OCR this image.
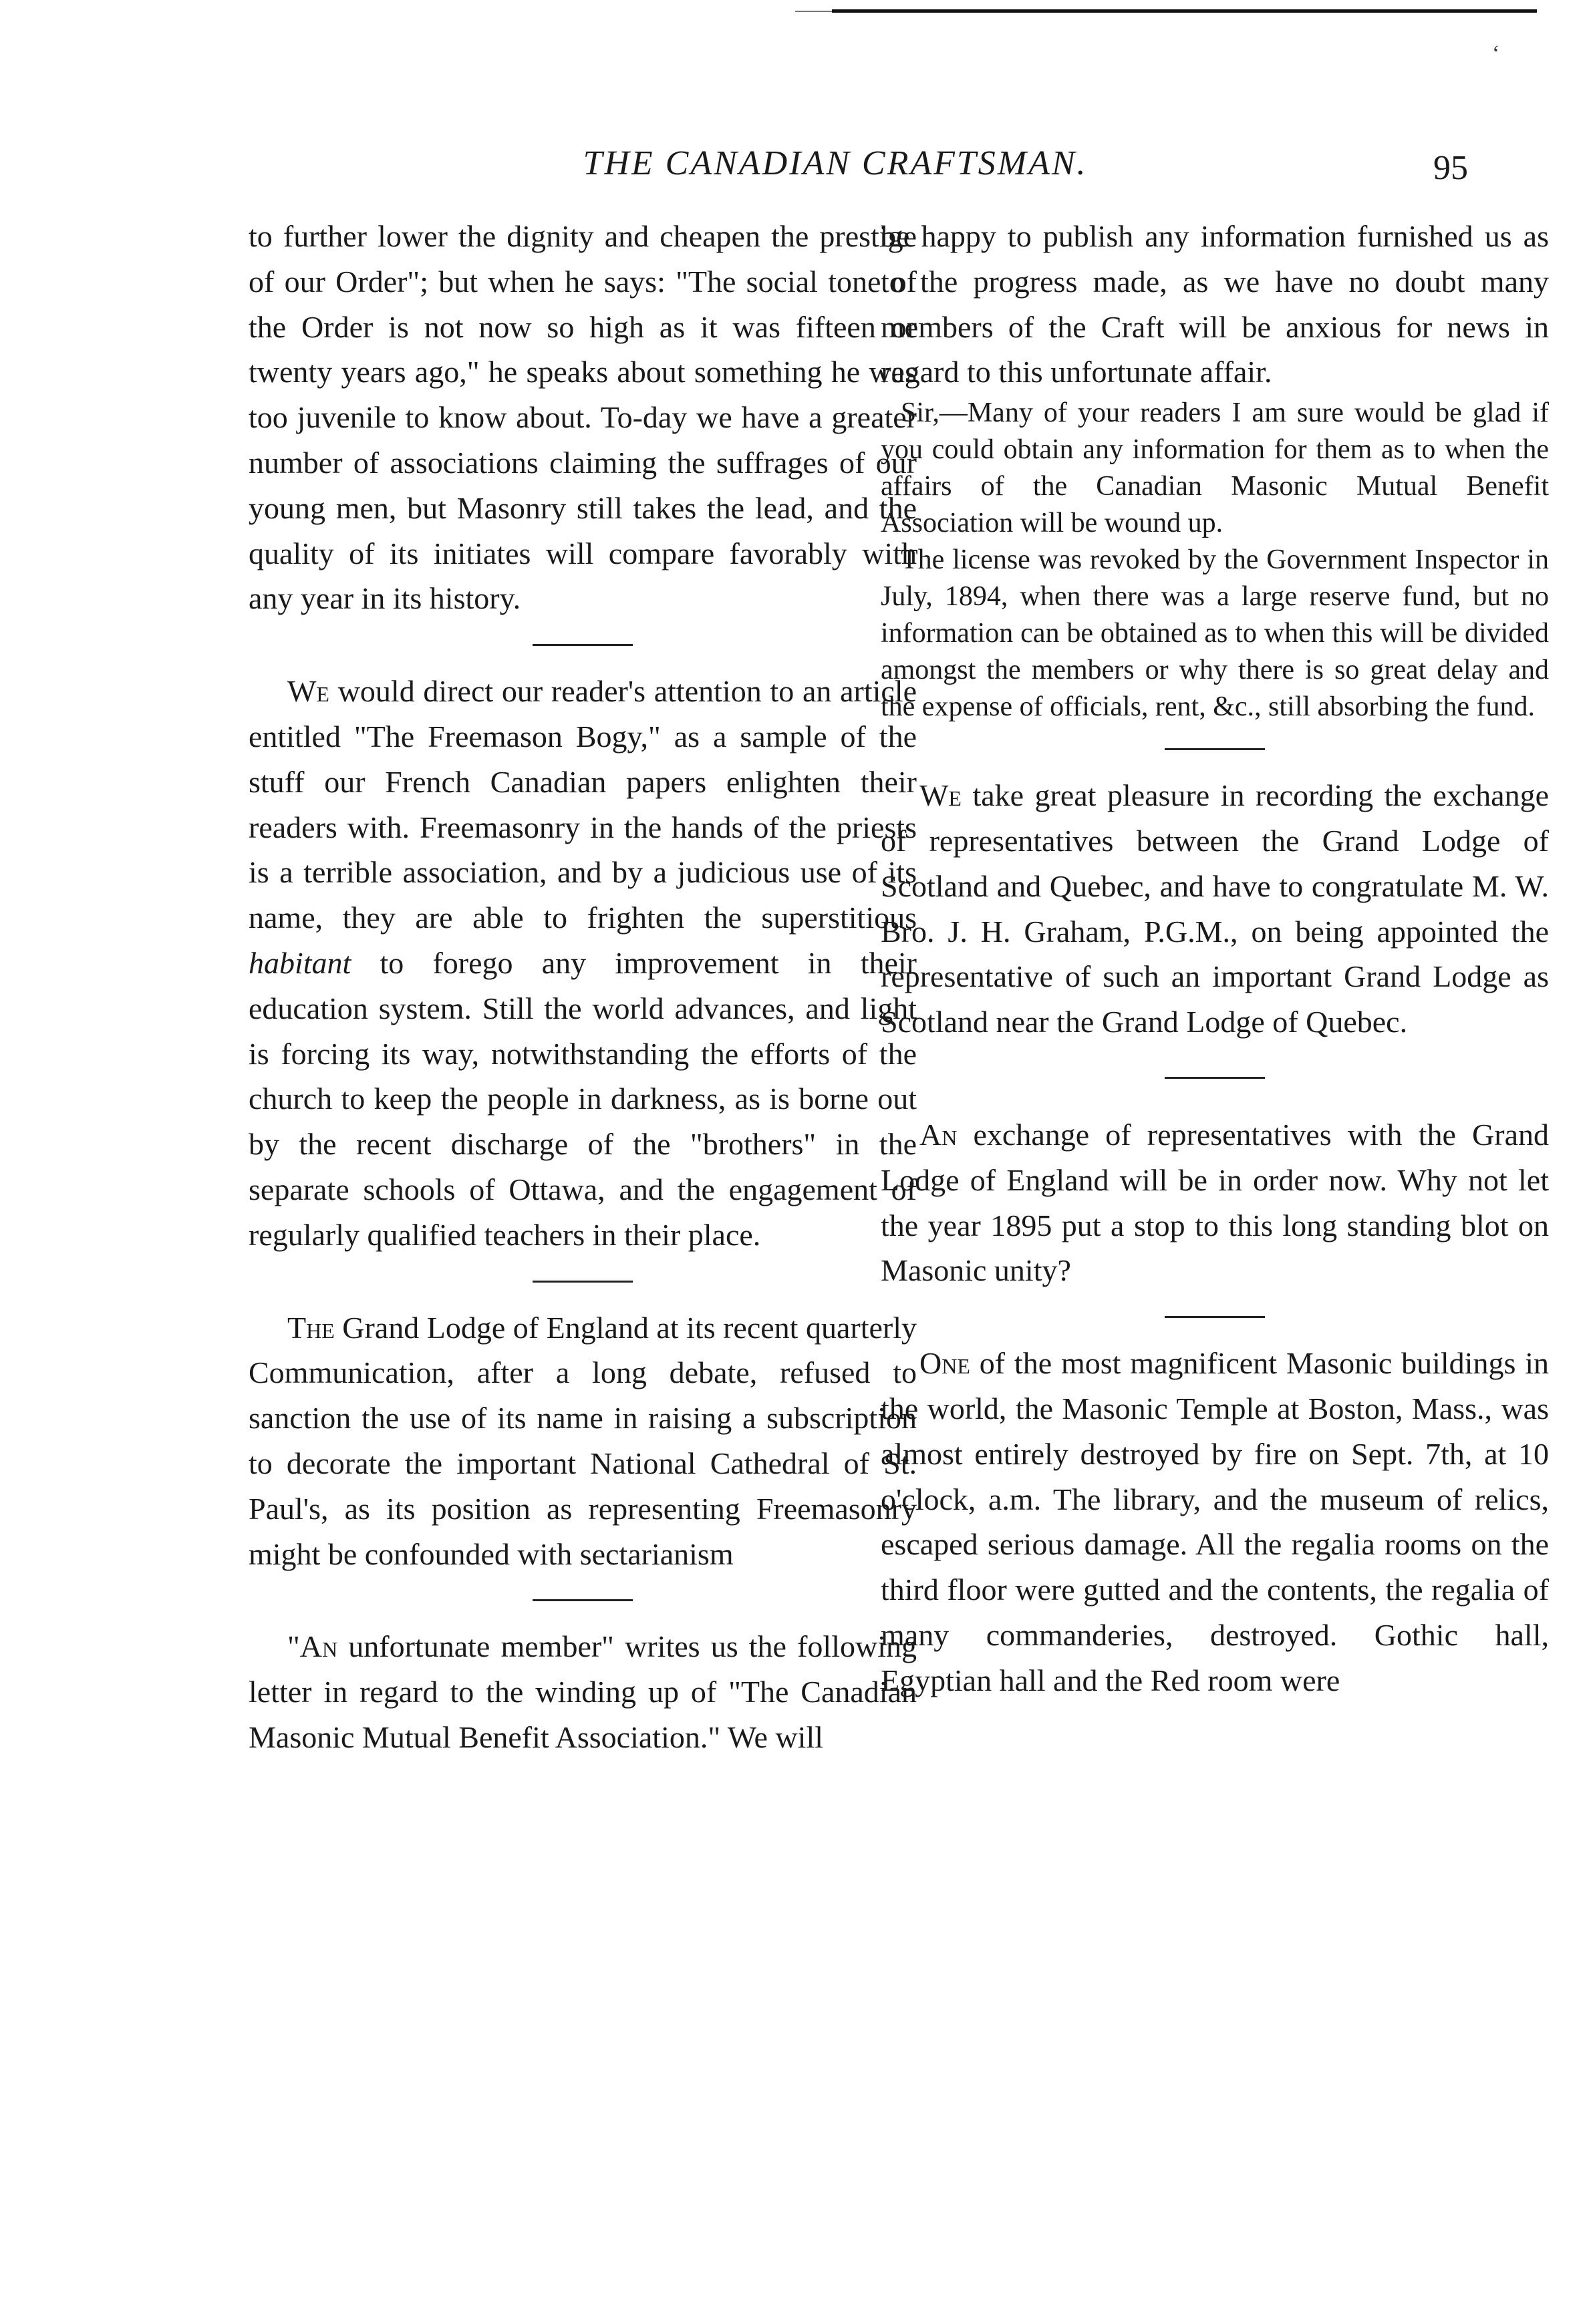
‘
THE CANADIAN CRAFTSMAN.	95

to further lower the dignity and cheapen the prestige of our Order"; but when he says: "The social tone of the Order is not now so high as it was fifteen or twenty years ago," he speaks about something he was too juvenile to know about. To-day we have a greater number of associations claiming the suffrages of our young men, but Masonry still takes the lead, and the quality of its initiates will compare favorably with any year in its history.

We would direct our reader's attention to an article entitled "The Freemason Bogy," as a sample of the stuff our French Canadian papers enlighten their readers with. Freemasonry in the hands of the priests is a terrible association, and by a judicious use of its name, they are able to frighten the superstitious habitant to forego any improvement in their education system. Still the world advances, and light is forcing its way, notwithstanding the efforts of the church to keep the people in darkness, as is borne out by the recent discharge of the "brothers" in the separate schools of Ottawa, and the engagement of regularly qualified teachers in their place.

The Grand Lodge of England at its recent quarterly Communication, after a long debate, refused to sanction the use of its name in raising a subscription to decorate the important National Cathedral of St. Paul's, as its position as representing Freemasonry might be confounded with sectarianism

"An unfortunate member" writes us the following letter in regard to the winding up of "The Canadian Masonic Mutual Benefit Association." We will

be happy to publish any information furnished us as to the progress made, as we have no doubt many members of the Craft will be anxious for news in regard to this unfortunate affair.

Sir,—Many of your readers I am sure would be glad if you could obtain any information for them as to when the affairs of the Canadian Masonic Mutual Benefit Association will be wound up.

The license was revoked by the Government Inspector in July, 1894, when there was a large reserve fund, but no information can be obtained as to when this will be divided amongst the members or why there is so great delay and the expense of officials, rent, &c., still absorbing the fund.

We take great pleasure in recording the exchange of representatives between the Grand Lodge of Scotland and Quebec, and have to congratulate M. W. Bro. J. H. Graham, P.G.M., on being appointed the representative of such an important Grand Lodge as Scotland near the Grand Lodge of Quebec.

An exchange of representatives with the Grand Lodge of England will be in order now. Why not let the year 1895 put a stop to this long standing blot on Masonic unity?

One of the most magnificent Masonic buildings in the world, the Masonic Temple at Boston, Mass., was almost entirely destroyed by fire on Sept. 7th, at 10 o'clock, a.m. The library, and the museum of relics, escaped serious damage. All the regalia rooms on the third floor were gutted and the contents, the regalia of many commanderies, destroyed. Gothic hall, Egyptian hall and the Red room were
